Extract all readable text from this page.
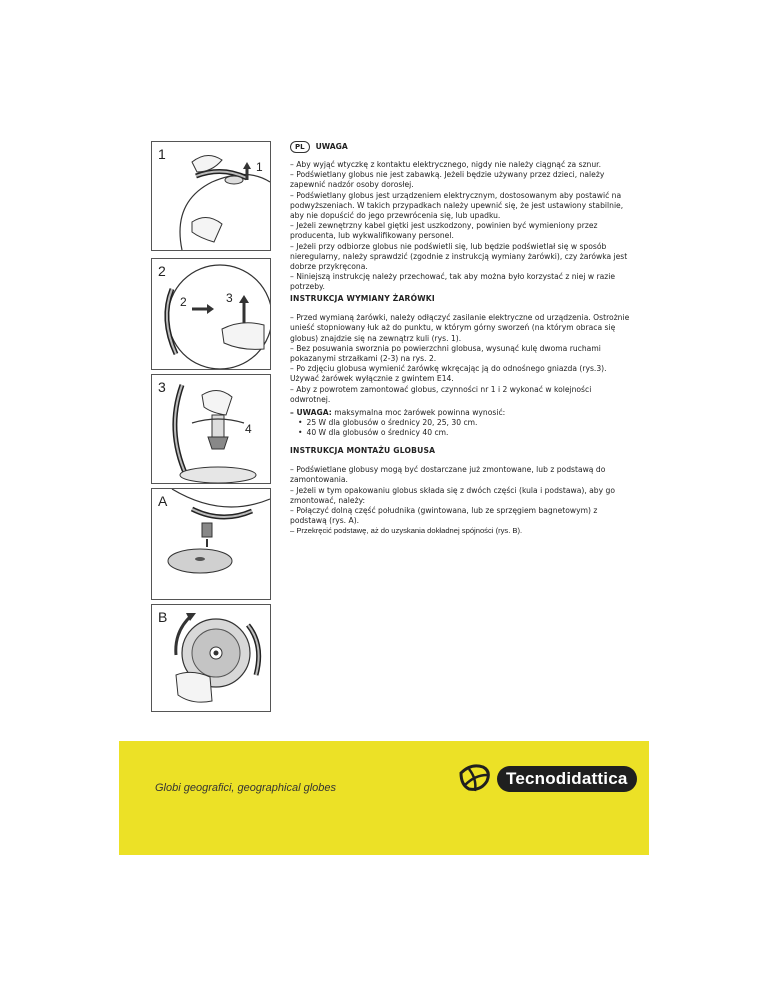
1
1
2
2	3
3
4
A
B
PL	UWAGA

– Aby wyjąć wtyczkę z kontaktu elektrycznego, nigdy nie należy ciągnąć za sznur.

– Podświetlany globus nie jest zabawką. Jeżeli będzie używany przez dzieci, należy zapewnić nadzór osoby dorosłej.

– Podświetlany globus jest urządzeniem elektrycznym, dostosowanym aby postawić na podwyższeniach. W takich przypadkach należy upewnić się, że jest ustawiony stabilnie, aby nie dopuścić do jego przewrócenia się, lub upadku.

– Jeżeli zewnętrzny kabel giętki jest uszkodzony, powinien być wymieniony przez producenta, lub wykwalifikowany personel.

– Jeżeli przy odbiorze globus nie podświetli się, lub będzie podświetlał się w sposób nieregularny, należy sprawdzić (zgodnie z instrukcją wymiany żarówki), czy żarówka jest dobrze przykręcona.

– Niniejszą instrukcję należy przechować, tak aby można było korzystać z niej w razie potrzeby.

INSTRUKCJA WYMIANY ŻARÓWKI

– Przed wymianą żarówki, należy odłączyć zasilanie elektryczne od urządzenia. Ostrożnie unieść stopniowany łuk aż do punktu, w którym górny sworzeń (na którym obraca się globus) znajdzie się na zewnątrz kuli (rys. 1).

– Bez posuwania sworznia po powierzchni globusa, wysunąć kulę dwoma ruchami pokazanymi strzałkami (2-3) na rys. 2.

– Po zdjęciu globusa wymienić żarówkę wkręcając ją do odnośnego gniazda (rys.3). Używać żarówek wyłącznie z gwintem E14.

– Aby z powrotem zamontować globus, czynności nr 1 i 2 wykonać w kolejności odwrotnej.

– UWAGA: maksymalna moc żarówek powinna wynosić:

• 25 W dla globusów o średnicy 20, 25, 30 cm.
• 40 W dla globusów o średnicy 40 cm.
INSTRUKCJA MONTAŻU GLOBUSA

– Podświetlane globusy mogą być dostarczane już zmontowane, lub z podstawą do zamontowania.

– Jeżeli w tym opakowaniu globus składa się z dwóch części (kula i podstawa), aby go zmontować, należy:

– Połączyć dolną część południka (gwintowana, lub ze sprzęgiem bagnetowym) z podstawą (rys. A).

– Przekręcić podstawę, aż do uzyskania dokładnej spójności (rys. B).

Globi geografici, geographical globes	Tecnodidattica
